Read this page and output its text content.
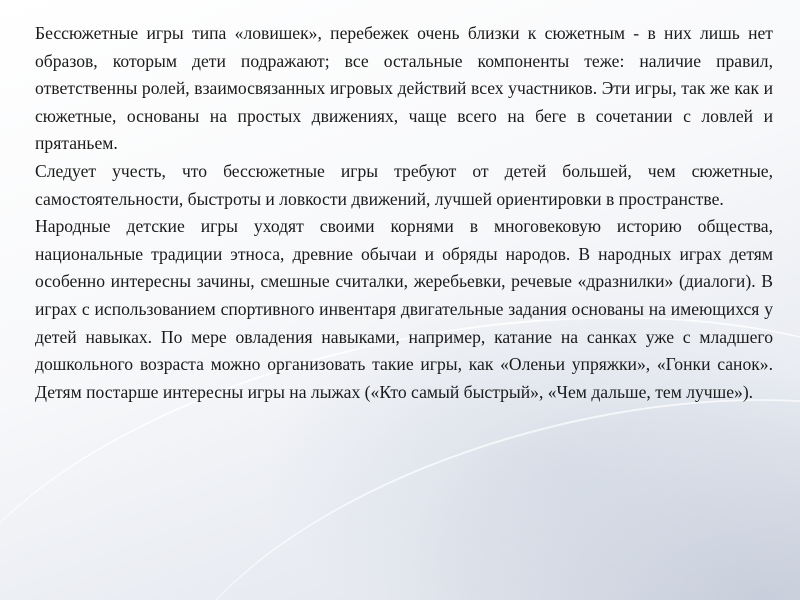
Бессюжетные игры типа «ловишек», перебежек очень близки к сюжетным - в них лишь нет образов, которым дети подражают; все остальные компоненты теже: наличие правил, ответственны ролей, взаимосвязанных игровых действий всех участников. Эти игры, так же как и сюжетные, основаны на простых движениях, чаще всего на беге в сочетании с ловлей и прятаньем.

Следует учесть, что бессюжетные игры требуют от детей большей, чем сюжетные, самостоятельности, быстроты и ловкости движений, лучшей ориентировки в пространстве.

Народные детские игры уходят своими корнями в многовековую историю общества, национальные традиции этноса, древние обычаи и обряды народов. В народных играх детям особенно интересны зачины, смешные считалки, жеребьевки, речевые «дразнилки» (диалоги). В играх с использованием спортивного инвентаря двигательные задания основаны на имеющихся у детей навыках. По мере овладения навыками, например, катание на санках уже с младшего дошкольного возраста можно организовать такие игры, как «Оленьи упряжки», «Гонки санок». Детям постарше интересны игры на лыжах («Кто самый быстрый», «Чем дальше, тем лучше»).
